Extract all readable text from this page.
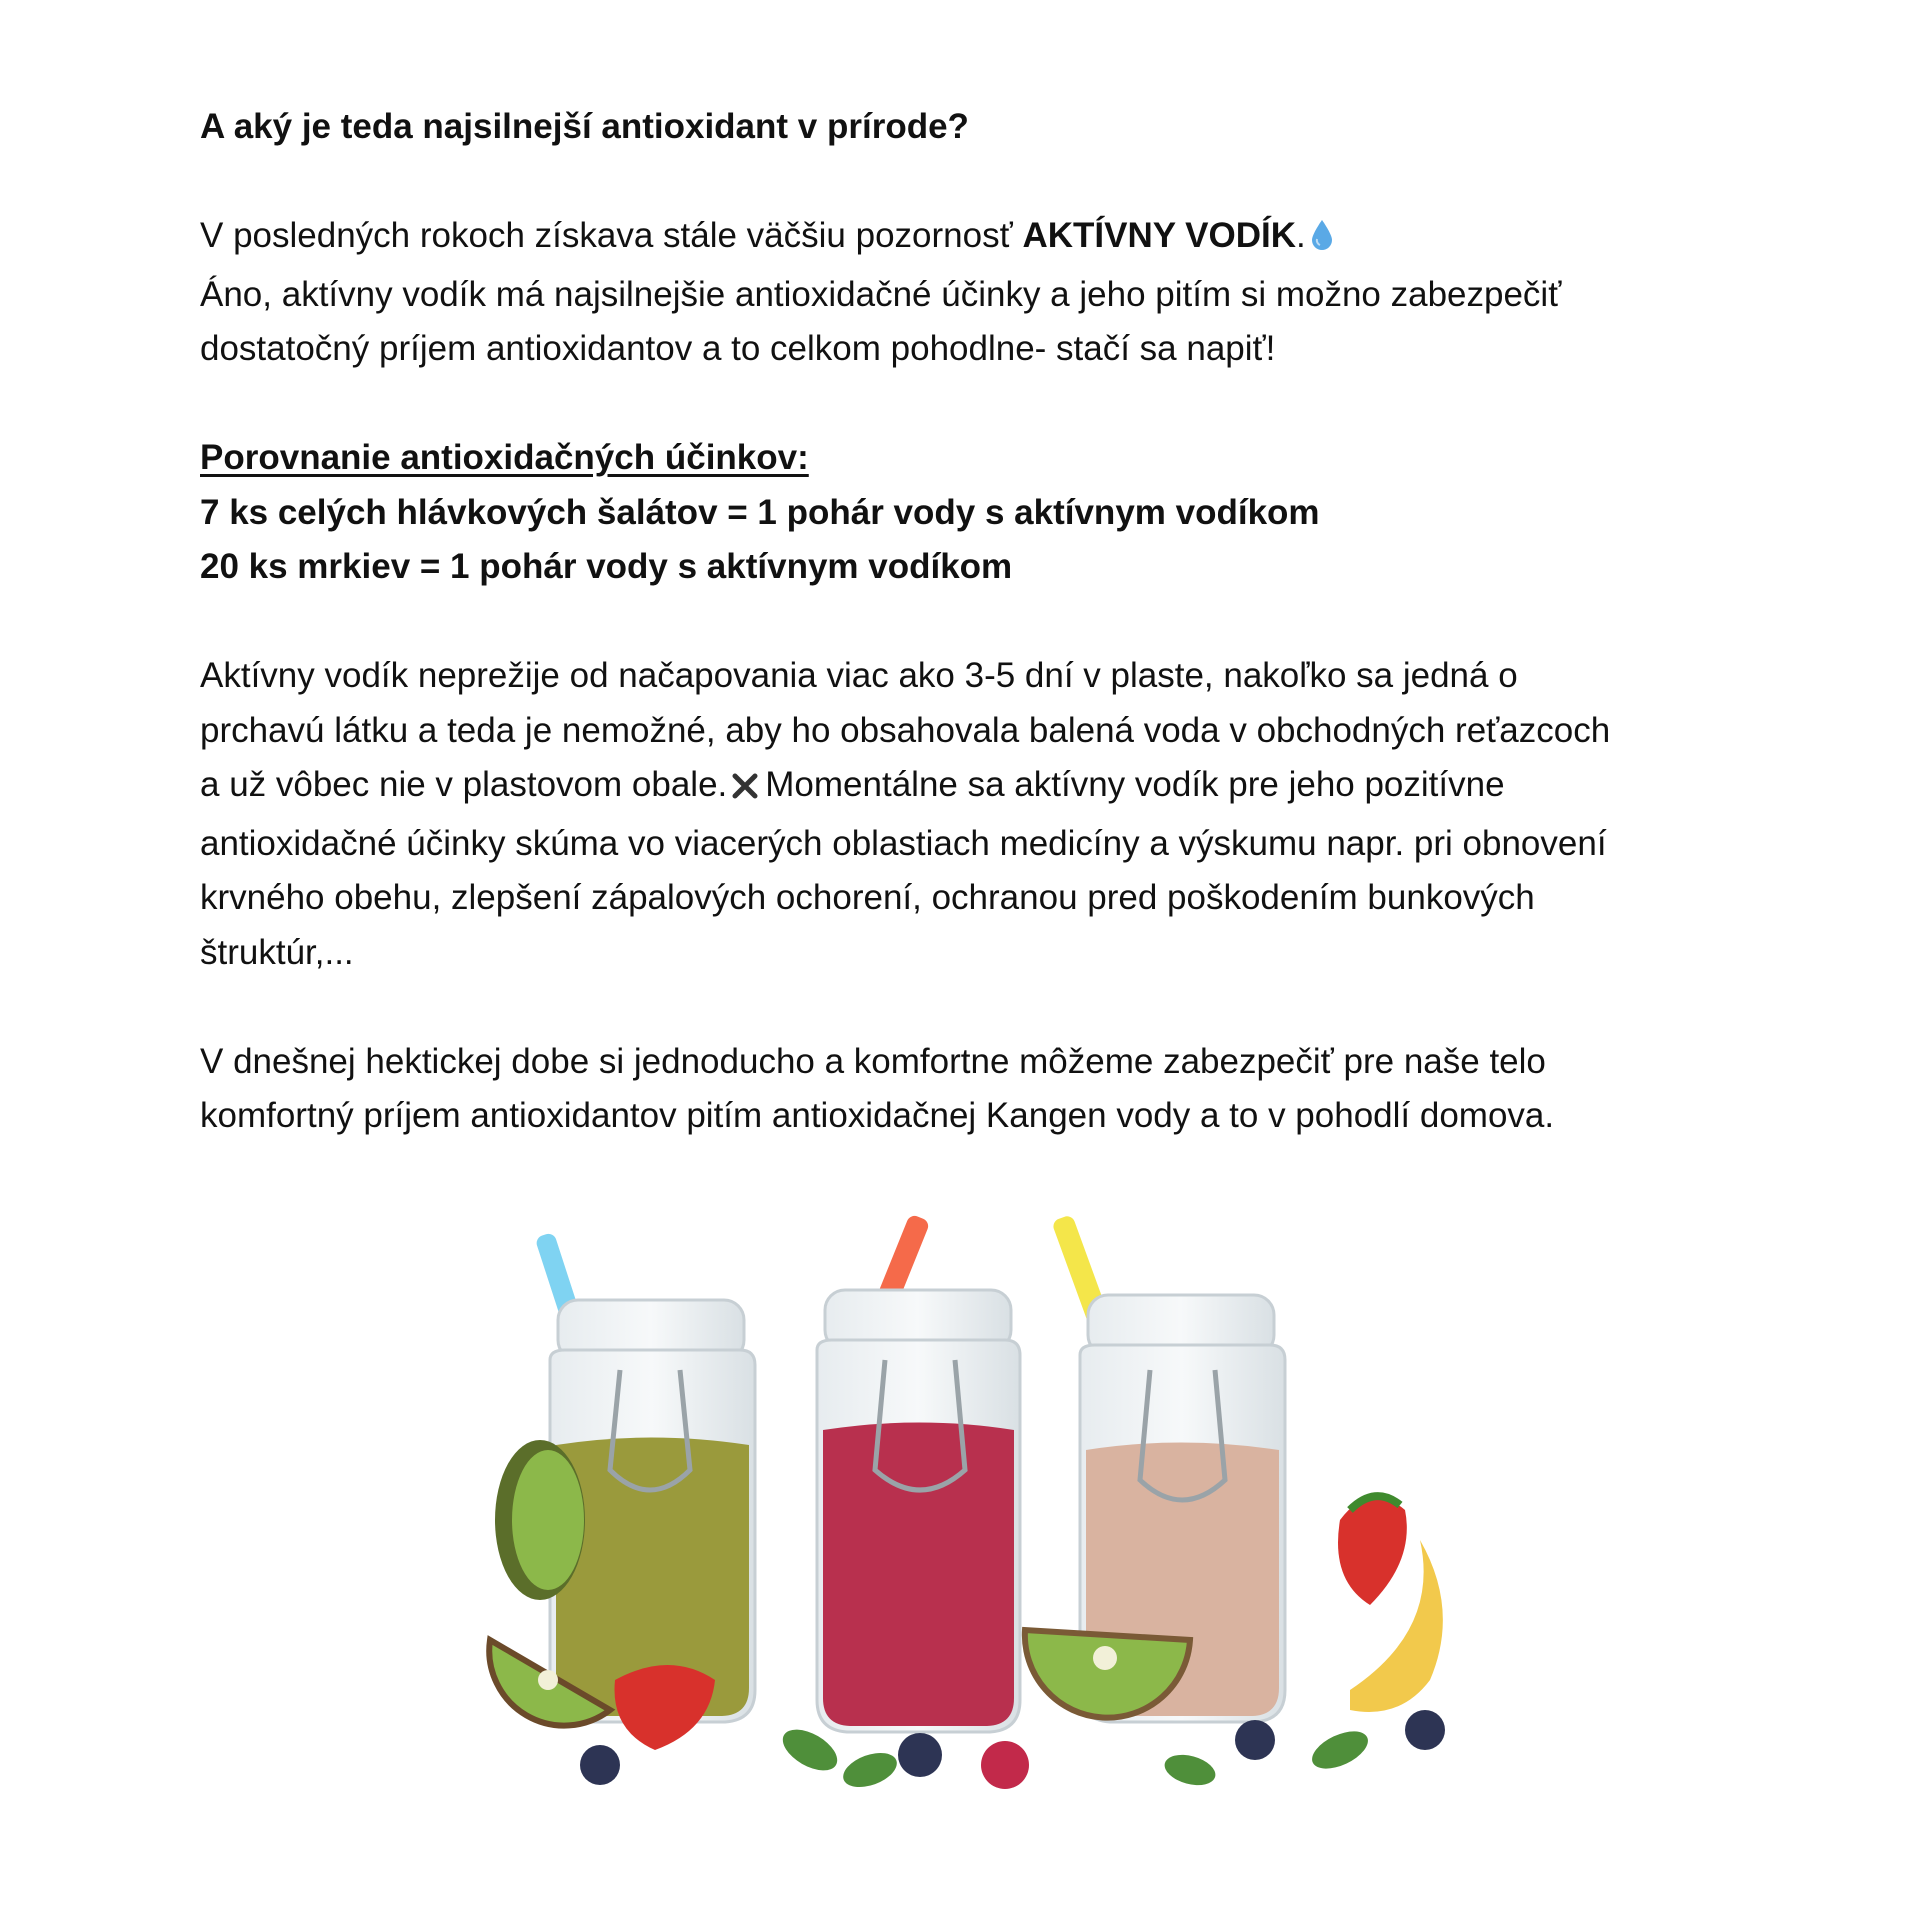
A aký je teda najsilnejší antioxidant v prírode?

V posledných rokoch získava stále väčšiu pozornosť AKTÍVNY VODÍK.
Áno, aktívny vodík má najsilnejšie antioxidačné účinky a jeho pitím si možno zabezpečiť
dostatočný príjem antioxidantov a to celkom pohodlne- stačí sa napiť!

Porovnanie antioxidačných účinkov:
7 ks celých hlávkových šalátov = 1 pohár vody s aktívnym vodíkom
20 ks mrkiev = 1 pohár vody s aktívnym vodíkom

Aktívny vodík neprežije od načapovania viac ako 3-5 dní v plaste, nakoľko sa jedná o
prchavú látku a teda je nemožné, aby ho obsahovala balená voda v obchodných reťazcoch
a už vôbec nie v plastovom obale. Momentálne sa aktívny vodík pre jeho pozitívne
antioxidačné účinky skúma vo viacerých oblastiach medicíny a výskumu napr. pri obnovení
krvného obehu, zlepšení zápalových ochorení, ochranou pred poškodením bunkových
štruktúr,...

V dnešnej hektickej dobe si jednoducho a komfortne môžeme zabezpečiť pre naše telo
komfortný príjem antioxidantov pitím antioxidačnej Kangen vody a to v pohodlí domova.
